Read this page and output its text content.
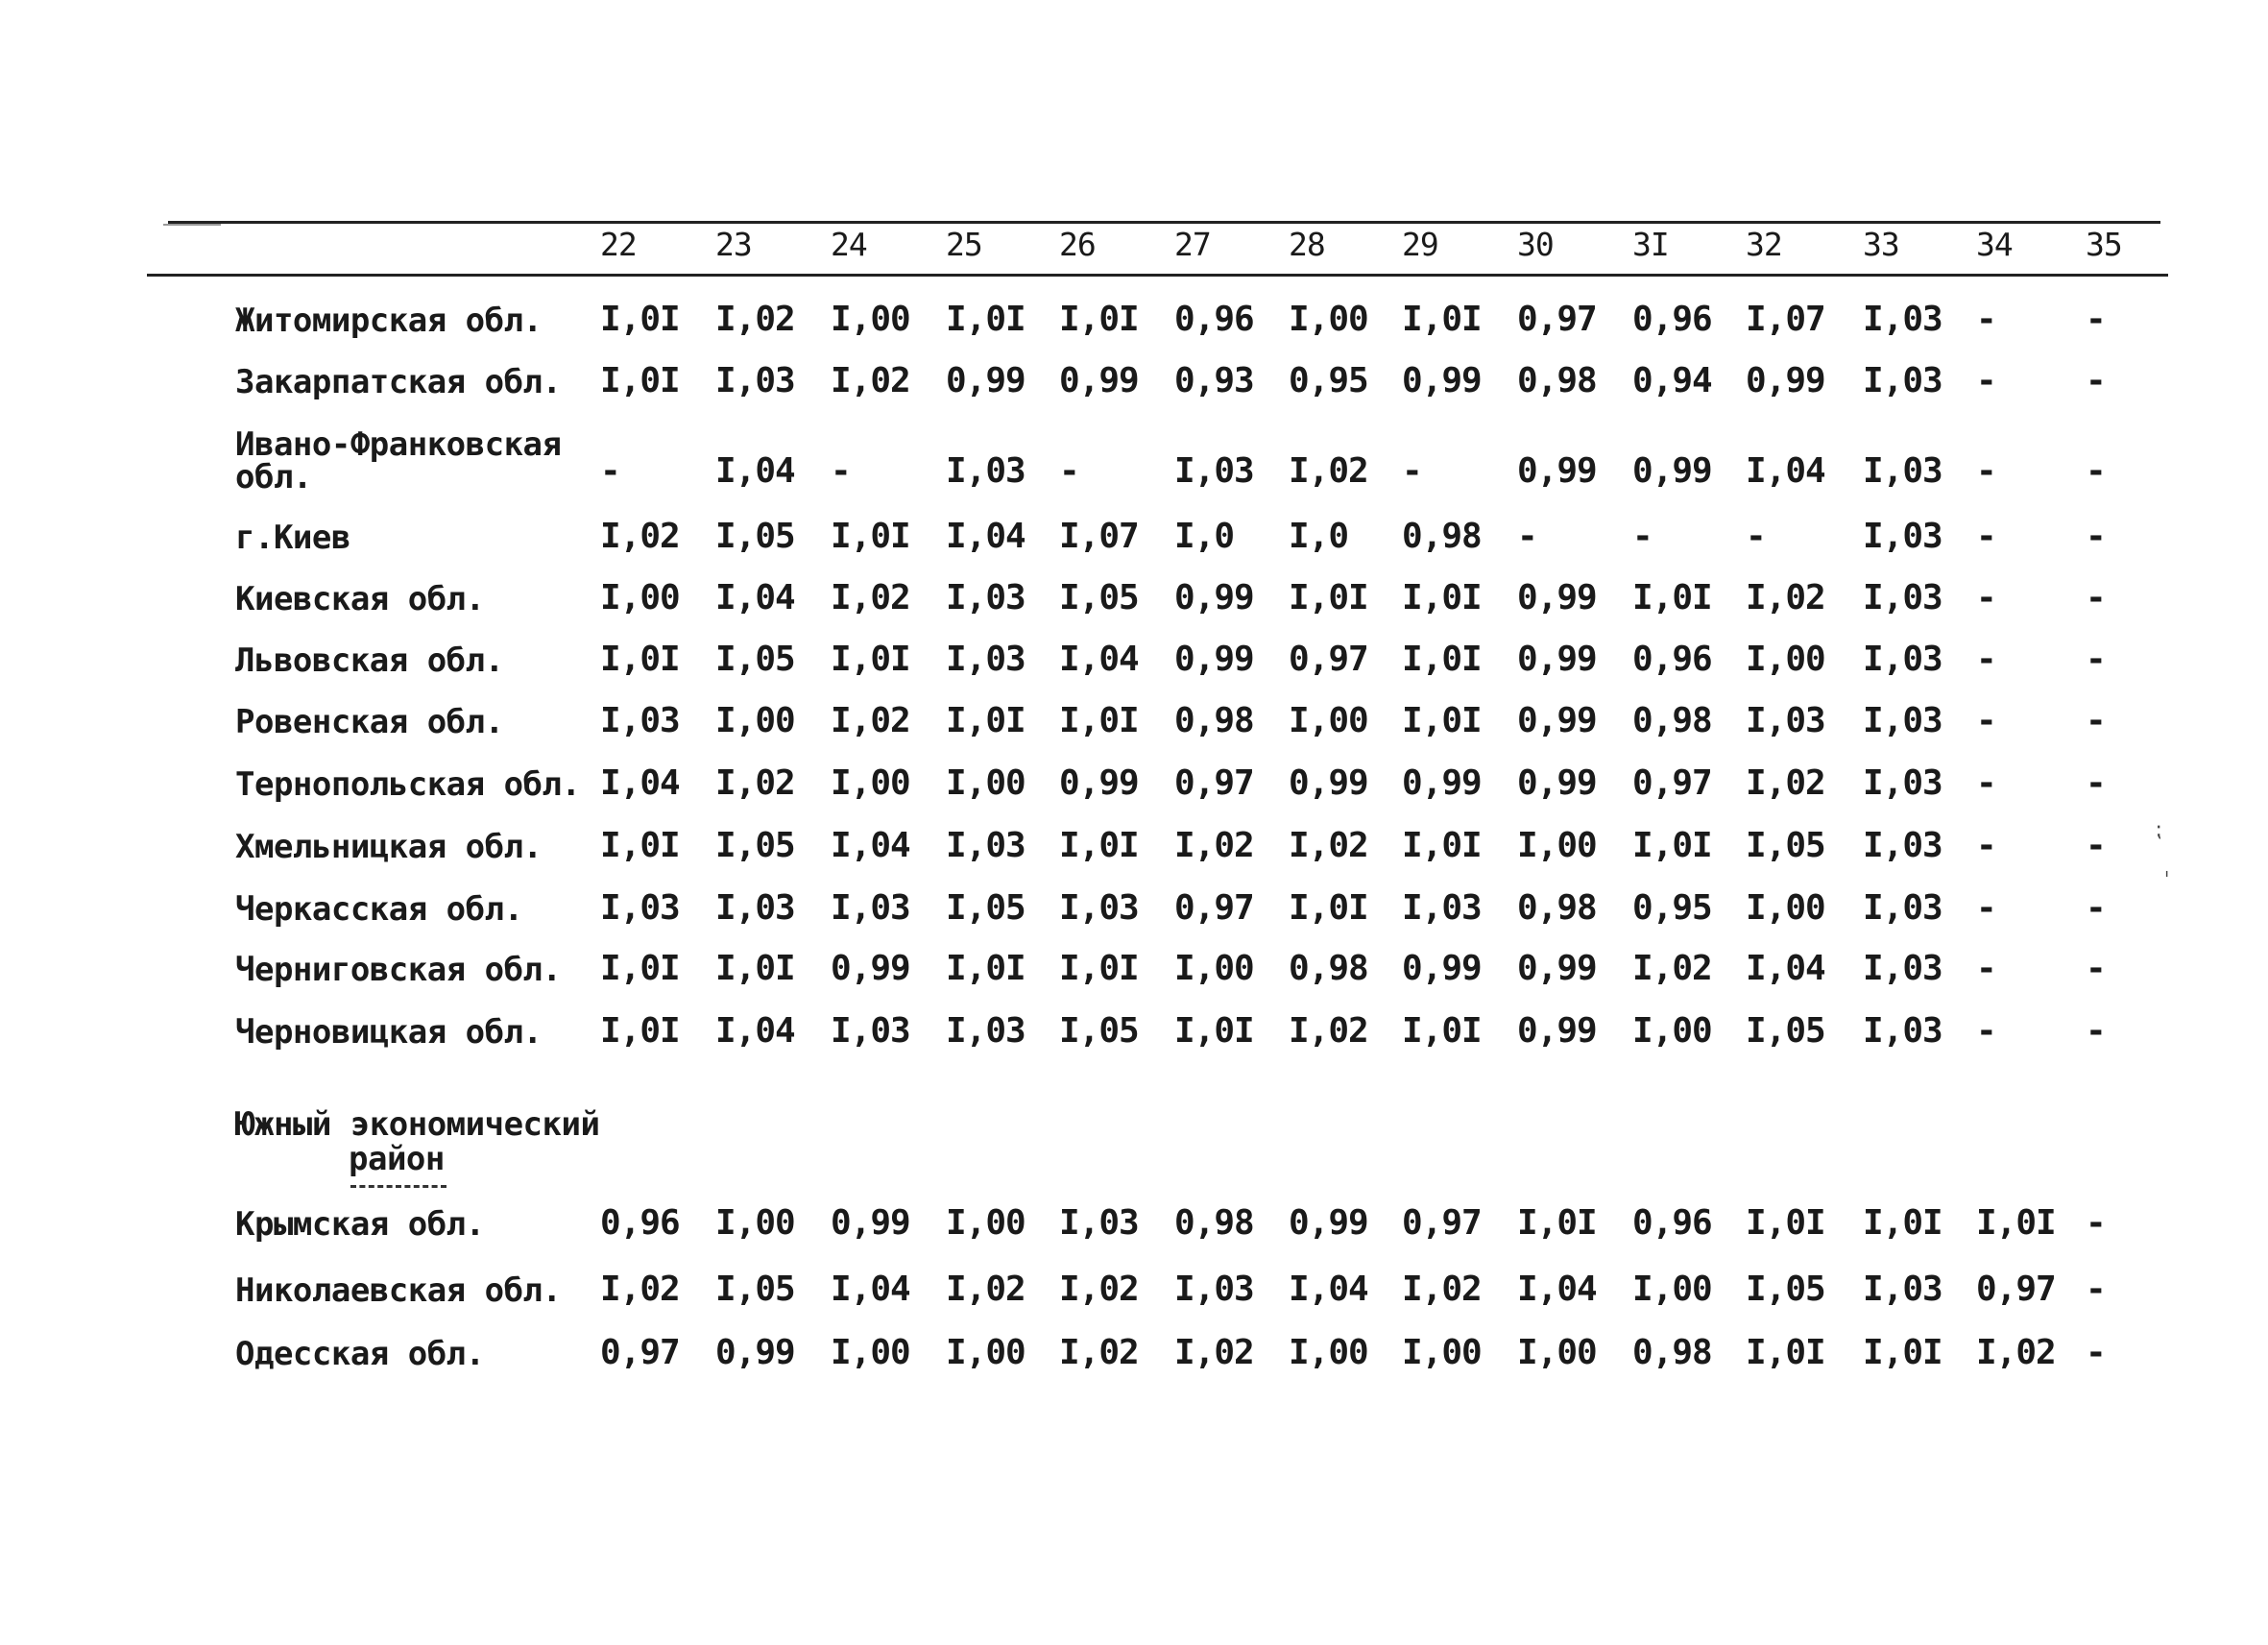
22	23	24	25	26	27	28	29	30	3I	32	33	34	35
Житомирская обл. I,0I	I,02	I,00	I,0I I,0I	0,96	I,00 I,0I	0,97	0,96 I,07	I,03 -	-
Закарпатская обл. I,0I	I,03	I,02	0,99 0,99	0,93	0,95 0,99	0,98	0,94 0,99	I,03 -	-
Ивано-Франковская
обл.	-	I,04	-	I,03 -	I,03	I,02 -	0,99	0,99 I,04	I,03 -	-
г.Киев	I,02	I,05	I,0I	I,04 I,07	I,0	I,0	0,98	-	-	-	I,03 -	-
Киевская обл.	I,00	I,04	I,02	I,03 I,05	0,99	I,0I I,0I	0,99	I,0I I,02	I,03 -	-
Львовская обл.	I,0I	I,05	I,0I	I,03 I,04	0,99	0,97 I,0I	0,99	0,96 I,00	I,03 -	-
Ровенская обл.	I,03	I,00	I,02	I,0I I,0I	0,98	I,00 I,0I	0,99	0,98 I,03	I,03 -	-
Тернопольская обл. I,04	I,02	I,00	I,00 0,99	0,97	0,99 0,99	0,99	0,97 I,02	I,03 -	-
Хмельницкая обл. I,0I	I,05	I,04	I,03 I,0I	I,02	I,02 I,0I	I,00	I,0I I,05	I,03 -	-
Черкасская обл. I,03	I,03	I,03	I,05 I,03	0,97	I,0I I,03	0,98	0,95 I,00	I,03 -	-
Черниговская обл. I,0I	I,0I	0,99	I,0I I,0I	I,00	0,98 0,99	0,99	I,02 I,04	I,03 -	-
Черновицкая обл. I,0I	I,04	I,03	I,03 I,05	I,0I	I,02 I,0I	0,99	I,00 I,05	I,03 -	-
Крымская обл.	0,96	I,00	0,99	I,00 I,03	0,98	0,99 0,97	I,0I	0,96 I,0I	I,0I I,0I -
Николаевская обл. I,02	I,05	I,04	I,02 I,02	I,03	I,04 I,02	I,04	I,00 I,05	I,03 0,97 -
Одесская обл.	0,97	0,99	I,00	I,00 I,02	I,02	I,00 I,00	I,00	0,98 I,0I	I,0I I,02 -
Южный экономический
район
⁏
ˈ
